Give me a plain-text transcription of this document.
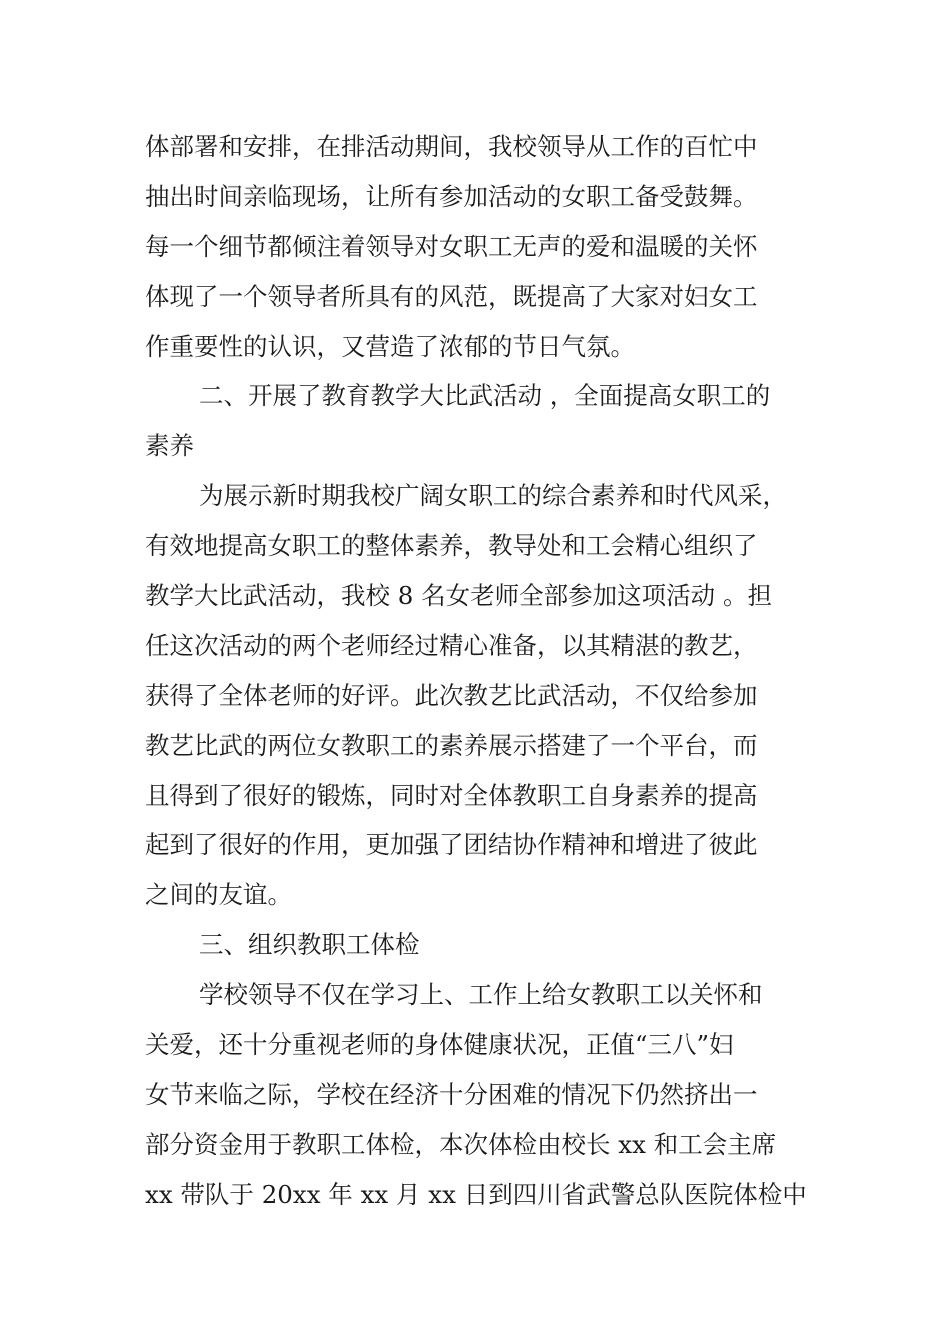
体部署和安排，在排活动期间，我校领导从工作的百忙中
抽出时间亲临现场，让所有参加活动的女职工备受鼓舞。
每一个细节都倾注着领导对女职工无声的爱和温暖的关怀
体现了一个领导者所具有的风范，既提高了大家对妇女工
作重要性的认识，又营造了浓郁的节日气氛。
二、开展了教育教学大比武活动 ，全面提高女职工的
素养
为展示新时期我校广阔女职工的综合素养和时代风采，
有效地提高女职工的整体素养，教导处和工会精心组织了
教学大比武活动，我校 8 名女老师全部参加这项活动 。担
任这次活动的两个老师经过精心准备，以其精湛的教艺，
获得了全体老师的好评。此次教艺比武活动，不仅给参加
教艺比武的两位女教职工的素养展示搭建了一个平台，而
且得到了很好的锻炼，同时对全体教职工自身素养的提高
起到了很好的作用，更加强了团结协作精神和增进了彼此
之间的友谊。
三、组织教职工体检
学校领导不仅在学习上、工作上给女教职工以关怀和
关爱，还十分重视老师的身体健康状况，正值“三八”妇
女节来临之际，学校在经济十分困难的情况下仍然挤出一
部分资金用于教职工体检，本次体检由校长 xx 和工会主席
xx 带队于 20xx 年 xx 月 xx 日到四川省武警总队医院体检中
